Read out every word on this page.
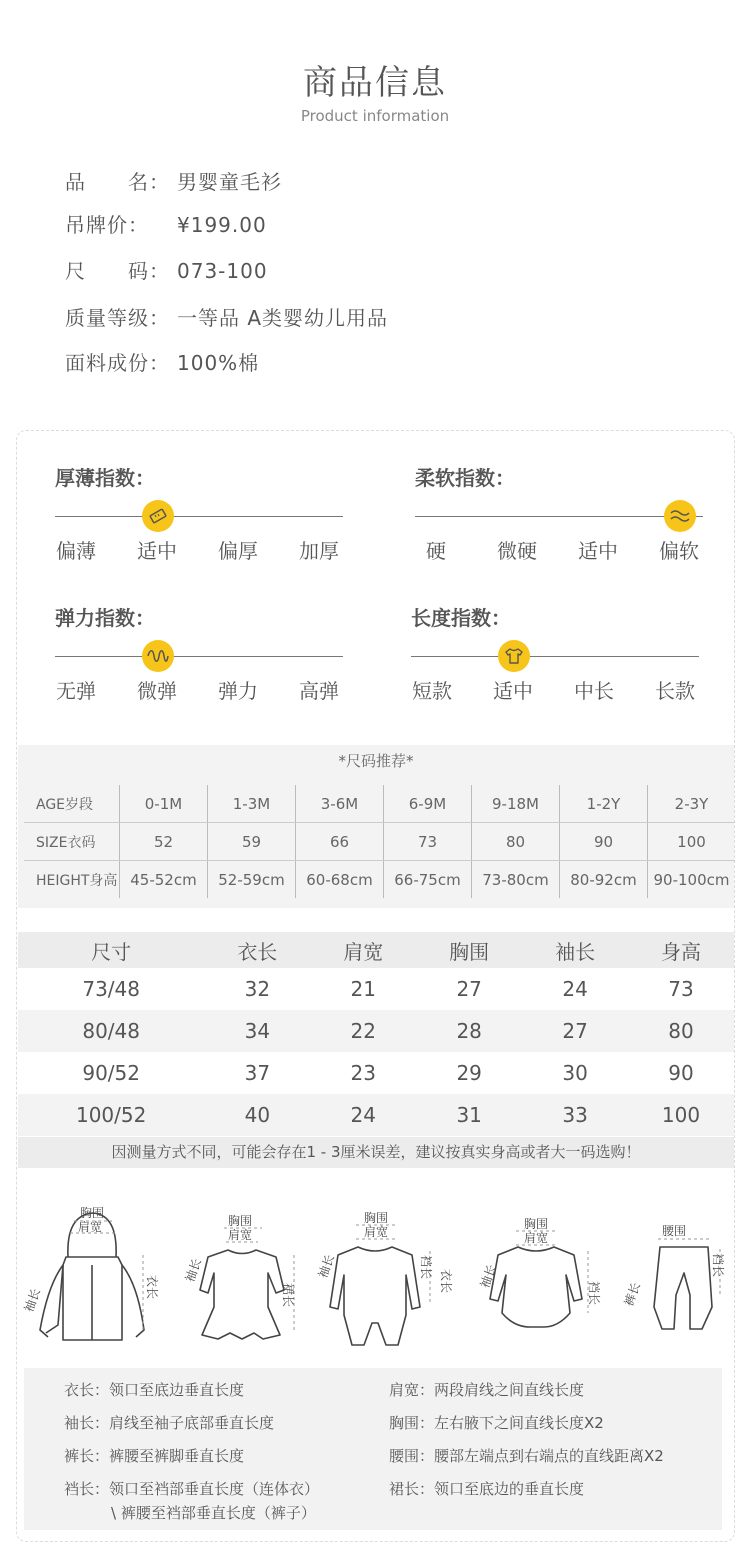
商品信息
Product information
品　　名： 男婴童毛衫
吊牌价： ¥199.00
尺　　码： 073-100
质量等级： 一等品 A类婴幼儿用品
面料成份： 100%棉
厚薄指数：
偏薄	适中	偏厚	加厚
柔软指数：
硬	微硬	适中	偏软
弹力指数：
无弹	微弹	弹力	高弹
长度指数：
短款	适中	中长	长款
*尺码推荐*
AGE岁段	0-1M	1-3M	3-6M	6-9M	9-18M	1-2Y	2-3Y
SIZE衣码	52	59	66	73	80	90	100
HEIGHT身高	45-52cm	52-59cm	60-68cm	66-75cm	73-80cm	80-92cm	90-100cm
尺寸	衣长	肩宽	胸围	袖长	身高
73/48	32	21	27	24	73
80/48	34	22	28	27	80
90/52	37	23	29	30	90
100/52	40	24	31	33	100
因测量方式不同，可能会存在1 - 3厘米误差，建议按真实身高或者大一码选购！
胸围
肩宽	胸围
肩宽
胸围
肩宽
胸围
肩宽	腰围
袖长	衣长
袖长
裙长
袖长	裆长
衣长 袖长
裆长 裤长
裆长
衣长：领口至底边垂直长度	肩宽：两段肩线之间直线长度
袖长：肩线至袖子底部垂直长度	胸围：左右腋下之间直线长度X2
裤长：裤腰至裤脚垂直长度	腰围：腰部左端点到右端点的直线距离X2
裆长：领口至裆部垂直长度（连体衣）	裙长：领口至底边的垂直长度
\ 裤腰至裆部垂直长度（裤子）
